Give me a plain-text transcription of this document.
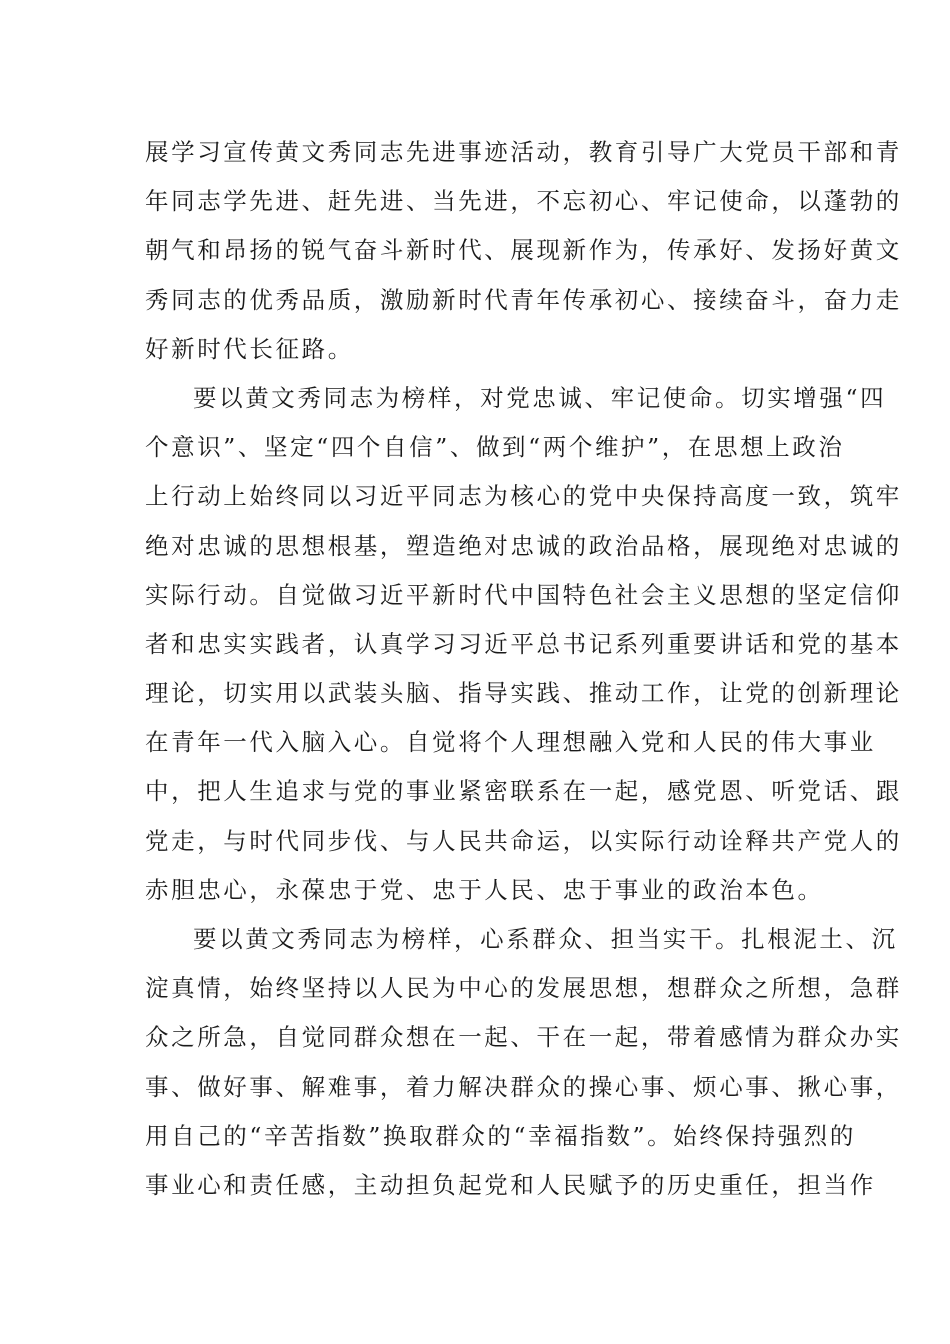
展学习宣传黄文秀同志先进事迹活动，教育引导广大党员干部和青
年同志学先进、赶先进、当先进，不忘初心、牢记使命，以蓬勃的
朝气和昂扬的锐气奋斗新时代、展现新作为，传承好、发扬好黄文
秀同志的优秀品质，激励新时代青年传承初心、接续奋斗，奋力走
好新时代长征路。
要以黄文秀同志为榜样，对党忠诚、牢记使命。切实增强“四
个意识”、坚定“四个自信”、做到“两个维护”，在思想上政治
上行动上始终同以习近平同志为核心的党中央保持高度一致，筑牢
绝对忠诚的思想根基，塑造绝对忠诚的政治品格，展现绝对忠诚的
实际行动。自觉做习近平新时代中国特色社会主义思想的坚定信仰
者和忠实实践者，认真学习习近平总书记系列重要讲话和党的基本
理论，切实用以武装头脑、指导实践、推动工作，让党的创新理论
在青年一代入脑入心。自觉将个人理想融入党和人民的伟大事业
中，把人生追求与党的事业紧密联系在一起，感党恩、听党话、跟
党走，与时代同步伐、与人民共命运，以实际行动诠释共产党人的
赤胆忠心，永葆忠于党、忠于人民、忠于事业的政治本色。
要以黄文秀同志为榜样，心系群众、担当实干。扎根泥土、沉
淀真情，始终坚持以人民为中心的发展思想，想群众之所想，急群
众之所急，自觉同群众想在一起、干在一起，带着感情为群众办实
事、做好事、解难事，着力解决群众的操心事、烦心事、揪心事，
用自己的“辛苦指数”换取群众的“幸福指数”。始终保持强烈的
事业心和责任感，主动担负起党和人民赋予的历史重任，担当作
